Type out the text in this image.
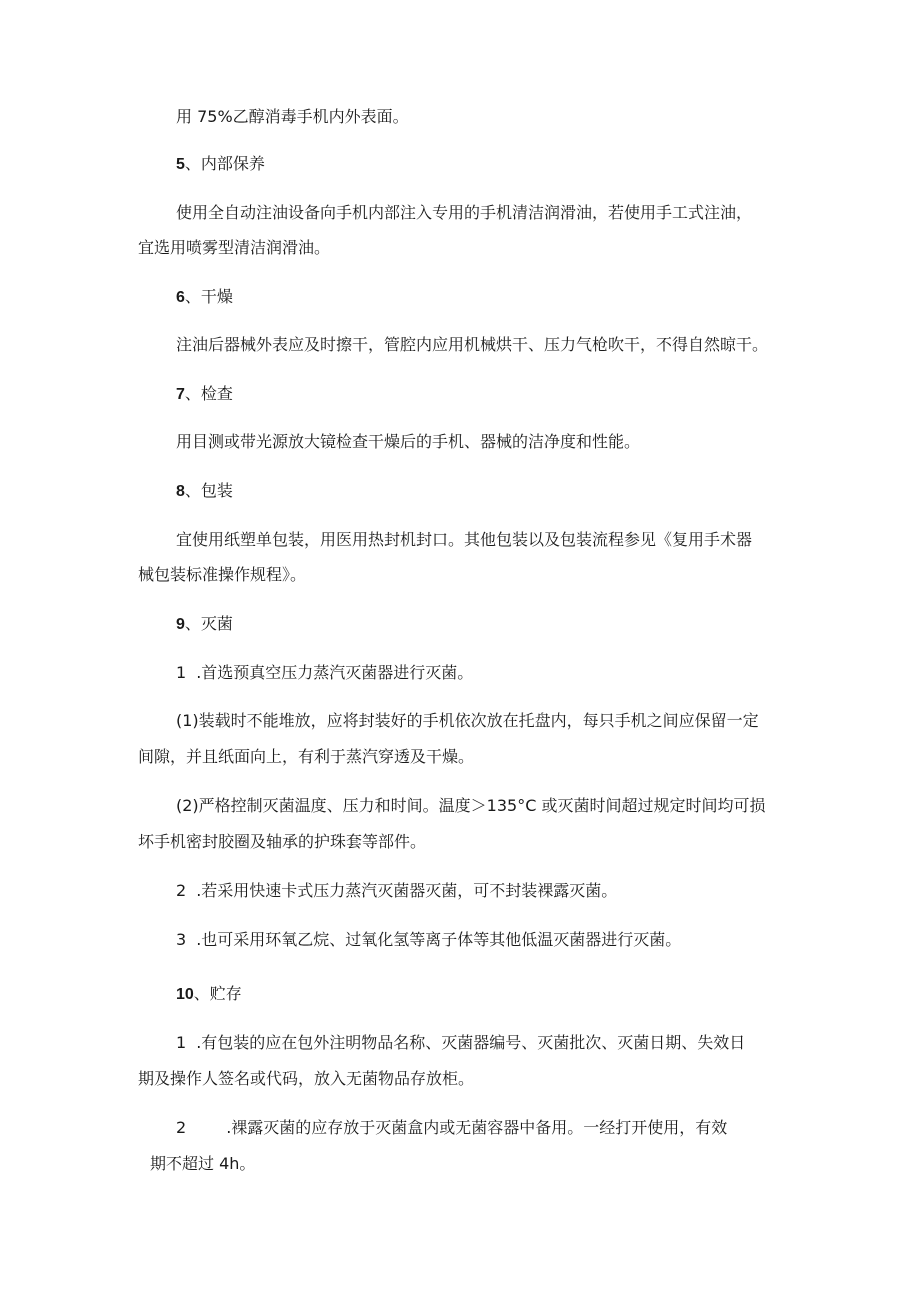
用 75%乙醇消毒手机内外表面。

5、内部保养

使用全自动注油设备向手机内部注入专用的手机清洁润滑油，若使用手工式注油，

宜选用喷雾型清洁润滑油。

6、干燥

注油后器械外表应及时擦干，管腔内应用机械烘干、压力气枪吹干，不得自然晾干。

7、检查

用目测或带光源放大镜检查干燥后的手机、器械的洁净度和性能。

8、包装

宜使用纸塑单包装，用医用热封机封口。其他包装以及包装流程参见《复用手术器

械包装标准操作规程》。

9、灭菌

1 .首选预真空压力蒸汽灭菌器进行灭菌。

(1)装载时不能堆放，应将封装好的手机依次放在托盘内，每只手机之间应保留一定

间隙，并且纸面向上，有利于蒸汽穿透及干燥。

(2)严格控制灭菌温度、压力和时间。温度＞135°C 或灭菌时间超过规定时间均可损

坏手机密封胶圈及轴承的护珠套等部件。

2 .若采用快速卡式压力蒸汽灭菌器灭菌，可不封装裸露灭菌。

3 .也可采用环氧乙烷、过氧化氢等离子体等其他低温灭菌器进行灭菌。

10、贮存

1 .有包装的应在包外注明物品名称、灭菌器编号、灭菌批次、灭菌日期、失效日

期及操作人签名或代码，放入无菌物品存放柜。

2	.裸露灭菌的应存放于灭菌盒内或无菌容器中备用。一经打开使用，有效

期不超过 4h。
